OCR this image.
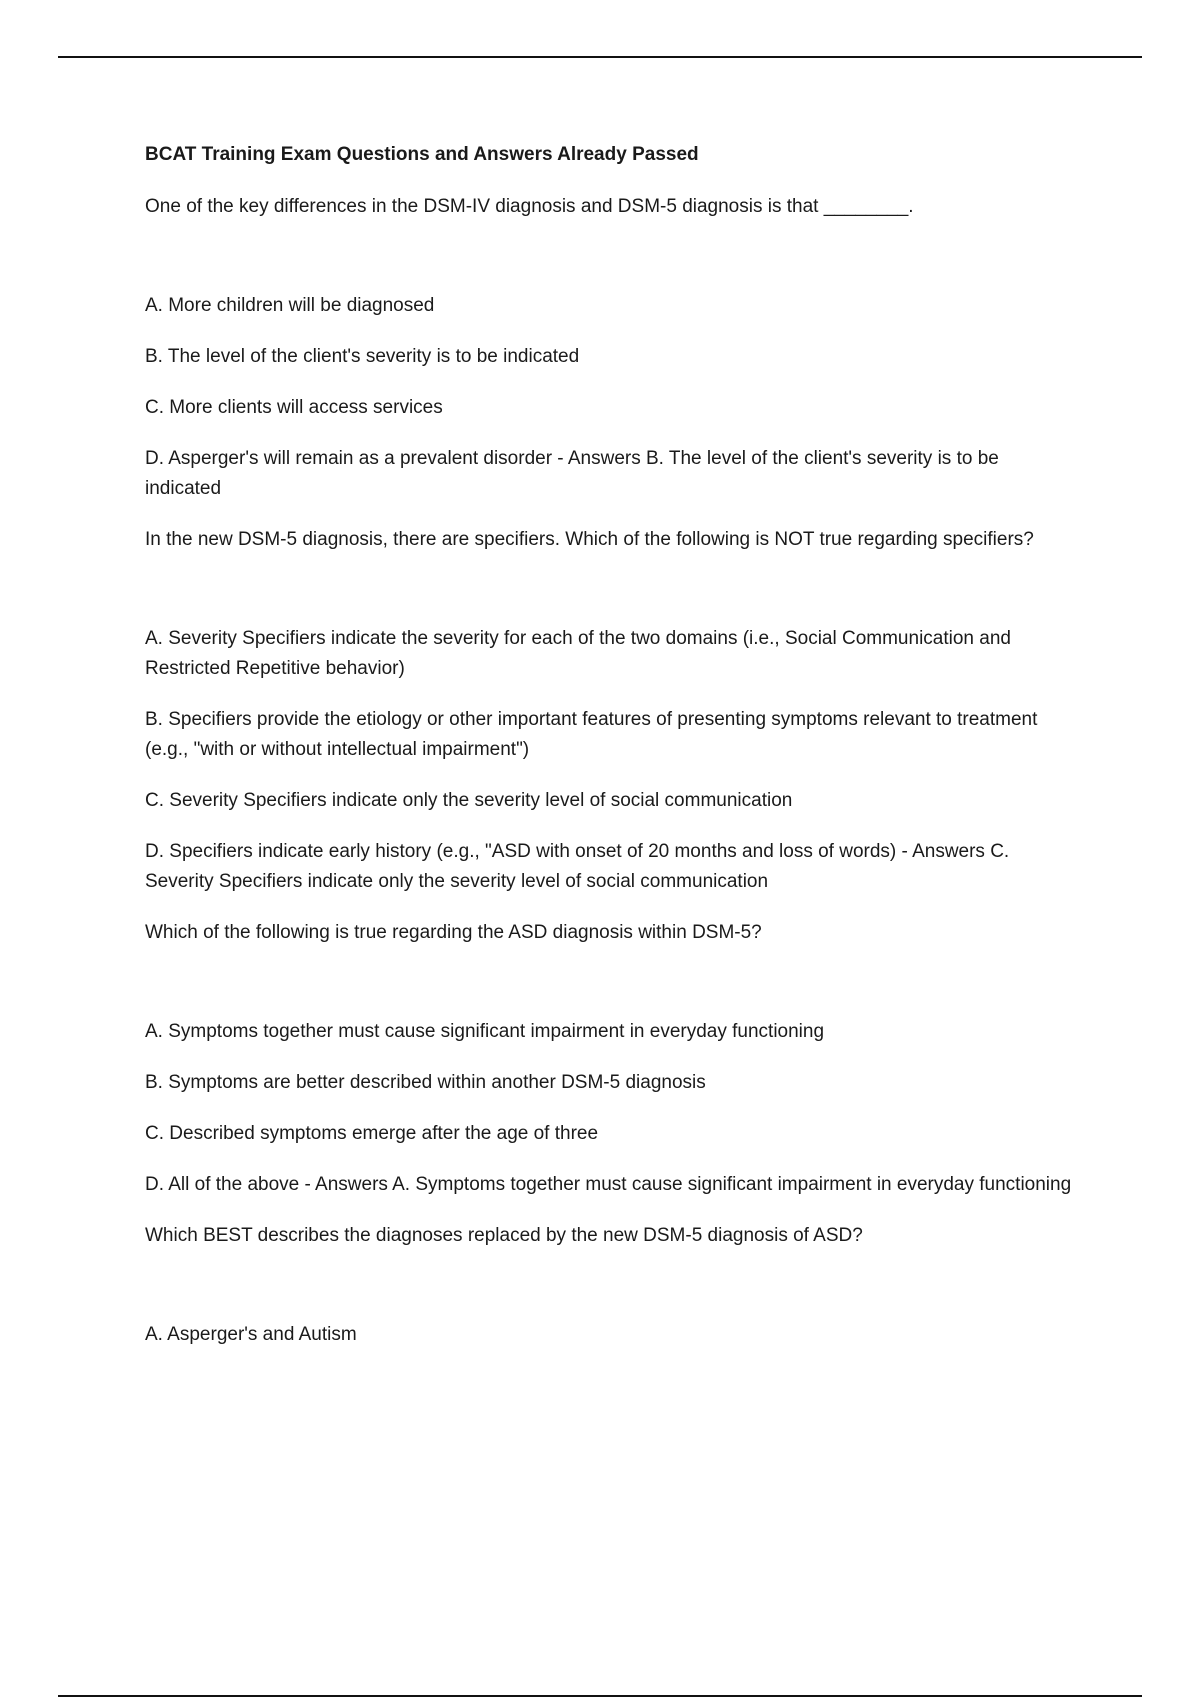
BCAT Training Exam Questions and Answers Already Passed

One of the key differences in the DSM-IV diagnosis and DSM-5 diagnosis is that ________.

A. More children will be diagnosed

B. The level of the client's severity is to be indicated

C. More clients will access services

D. Asperger's will remain as a prevalent disorder - Answers B. The level of the client's severity is to be indicated

In the new DSM-5 diagnosis, there are specifiers. Which of the following is NOT true regarding specifiers?

A. Severity Specifiers indicate the severity for each of the two domains (i.e., Social Communication and Restricted Repetitive behavior)

B. Specifiers provide the etiology or other important features of presenting symptoms relevant to treatment (e.g., "with or without intellectual impairment")

C. Severity Specifiers indicate only the severity level of social communication

D. Specifiers indicate early history (e.g., "ASD with onset of 20 months and loss of words) - Answers C. Severity Specifiers indicate only the severity level of social communication

Which of the following is true regarding the ASD diagnosis within DSM-5?

A. Symptoms together must cause significant impairment in everyday functioning

B. Symptoms are better described within another DSM-5 diagnosis

C. Described symptoms emerge after the age of three

D. All of the above - Answers A. Symptoms together must cause significant impairment in everyday functioning

Which BEST describes the diagnoses replaced by the new DSM-5 diagnosis of ASD?

A. Asperger's and Autism
